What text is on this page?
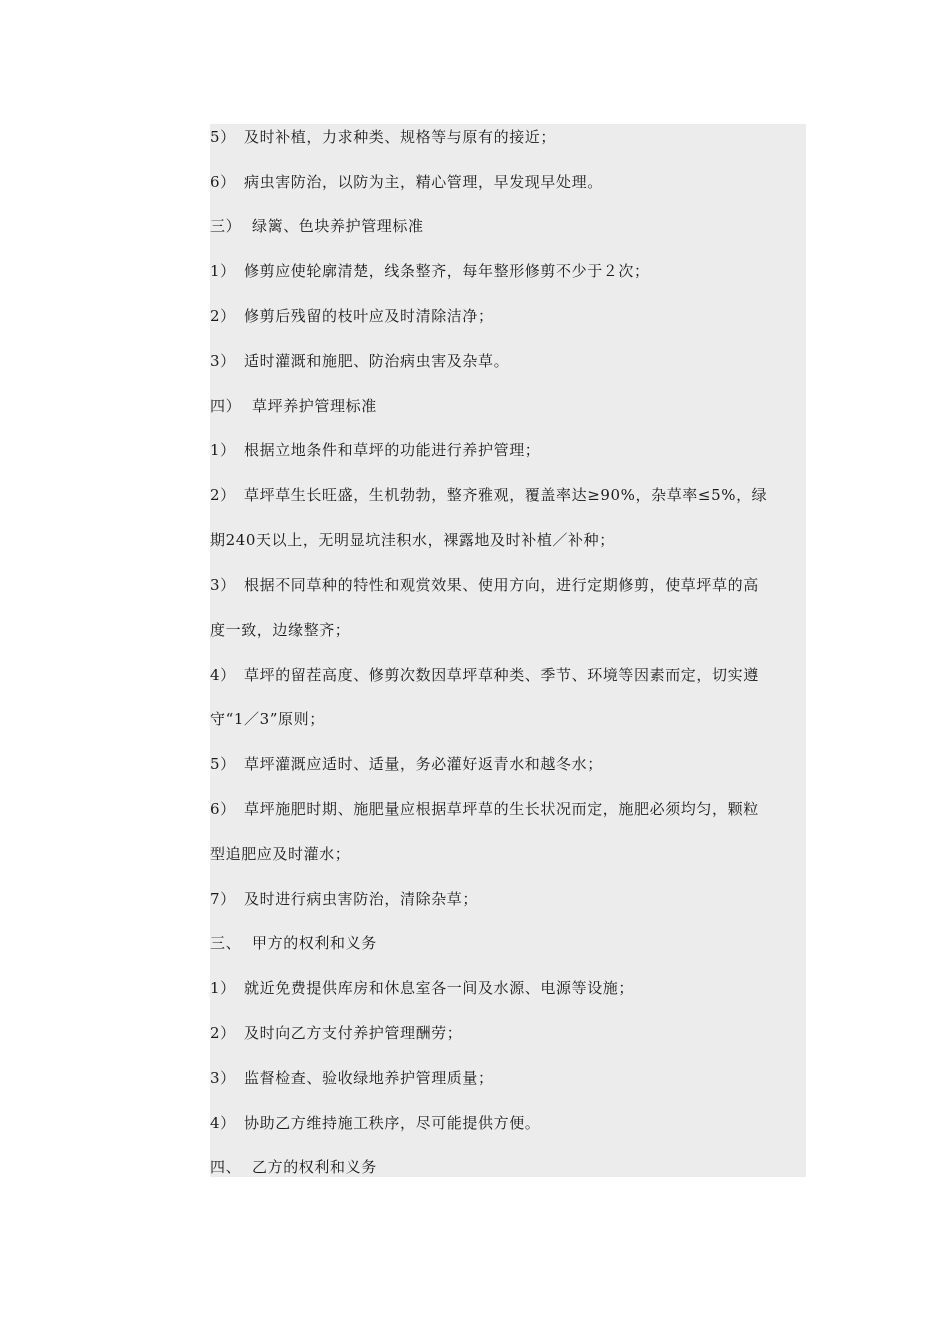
5） 及时补植，力求种类、规格等与原有的接近；
6） 病虫害防治，以防为主，精心管理，早发现早处理。
三） 绿篱、色块养护管理标准
1） 修剪应使轮廓清楚，线条整齐，每年整形修剪不少于２次；
2） 修剪后残留的枝叶应及时清除洁净；
3） 适时灌溉和施肥、防治病虫害及杂草。
四） 草坪养护管理标准
1） 根据立地条件和草坪的功能进行养护管理；
2） 草坪草生长旺盛，生机勃勃，整齐雅观，覆盖率达≥90%，杂草率≤5%，绿
期240天以上，无明显坑洼积水，裸露地及时补植／补种；
3） 根据不同草种的特性和观赏效果、使用方向，进行定期修剪，使草坪草的高
度一致，边缘整齐；
4） 草坪的留茬高度、修剪次数因草坪草种类、季节、环境等因素而定，切实遵
守“1／3”原则；
5） 草坪灌溉应适时、适量，务必灌好返青水和越冬水；
6） 草坪施肥时期、施肥量应根据草坪草的生长状况而定，施肥必须均匀，颗粒
型追肥应及时灌水；
7） 及时进行病虫害防治，清除杂草；
三、 甲方的权利和义务
1） 就近免费提供库房和休息室各一间及水源、电源等设施；
2） 及时向乙方支付养护管理酬劳；
3） 监督检查、验收绿地养护管理质量；
4） 协助乙方维持施工秩序，尽可能提供方便。
四、 乙方的权利和义务
